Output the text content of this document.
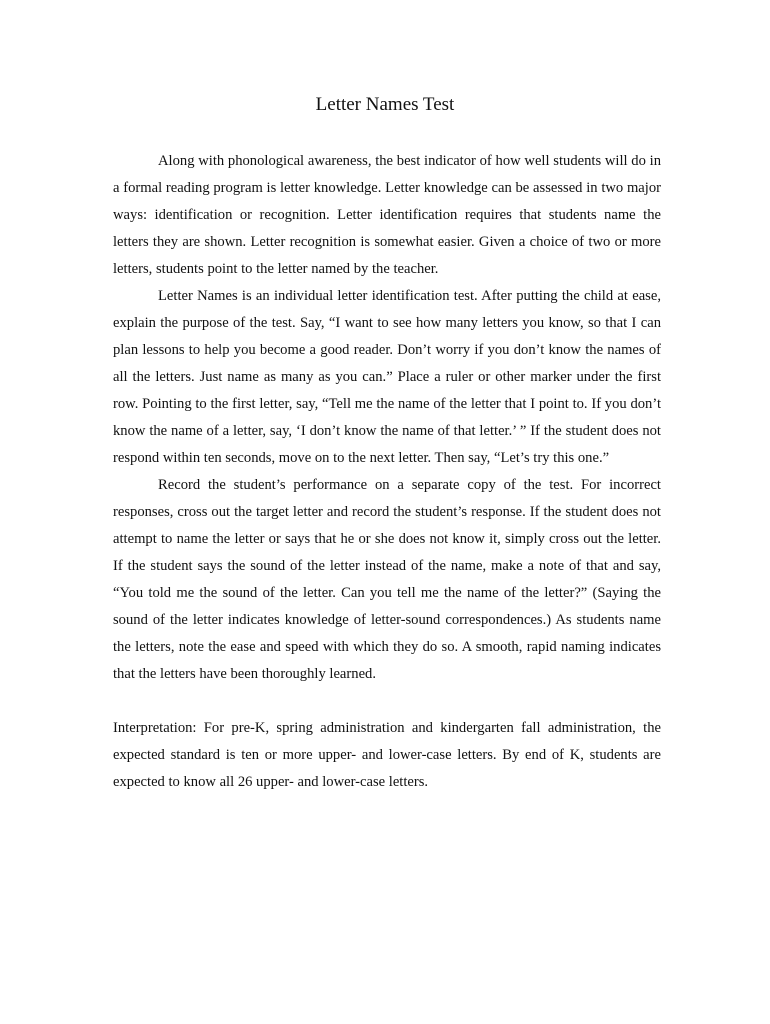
Letter Names Test

Along with phonological awareness, the best indicator of how well students will do in a formal reading program is letter knowledge. Letter knowledge can be assessed in two major ways: identification or recognition. Letter identification requires that students name the letters they are shown. Letter recognition is somewhat easier. Given a choice of two or more letters, students point to the letter named by the teacher.

Letter Names is an individual letter identification test. After putting the child at ease, explain the purpose of the test. Say, “I want to see how many letters you know, so that I can plan lessons to help you become a good reader. Don’t worry if you don’t know the names of all the letters. Just name as many as you can.” Place a ruler or other marker under the first row. Pointing to the first letter, say, “Tell me the name of the letter that I point to. If you don’t know the name of a letter, say, ‘I don’t know the name of that letter.’ ” If the student does not respond within ten seconds, move on to the next letter. Then say, “Let’s try this one.”

Record the student’s performance on a separate copy of the test. For incorrect responses, cross out the target letter and record the student’s response. If the student does not attempt to name the letter or says that he or she does not know it, simply cross out the letter. If the student says the sound of the letter instead of the name, make a note of that and say, “You told me the sound of the letter. Can you tell me the name of the letter?” (Saying the sound of the letter indicates knowledge of letter-sound correspondences.) As students name the letters, note the ease and speed with which they do so. A smooth, rapid naming indicates that the letters have been thoroughly learned.

Interpretation: For pre-K, spring administration and kindergarten fall administration, the expected standard is ten or more upper- and lower-case letters. By end of K, students are expected to know all 26 upper- and lower-case letters.
